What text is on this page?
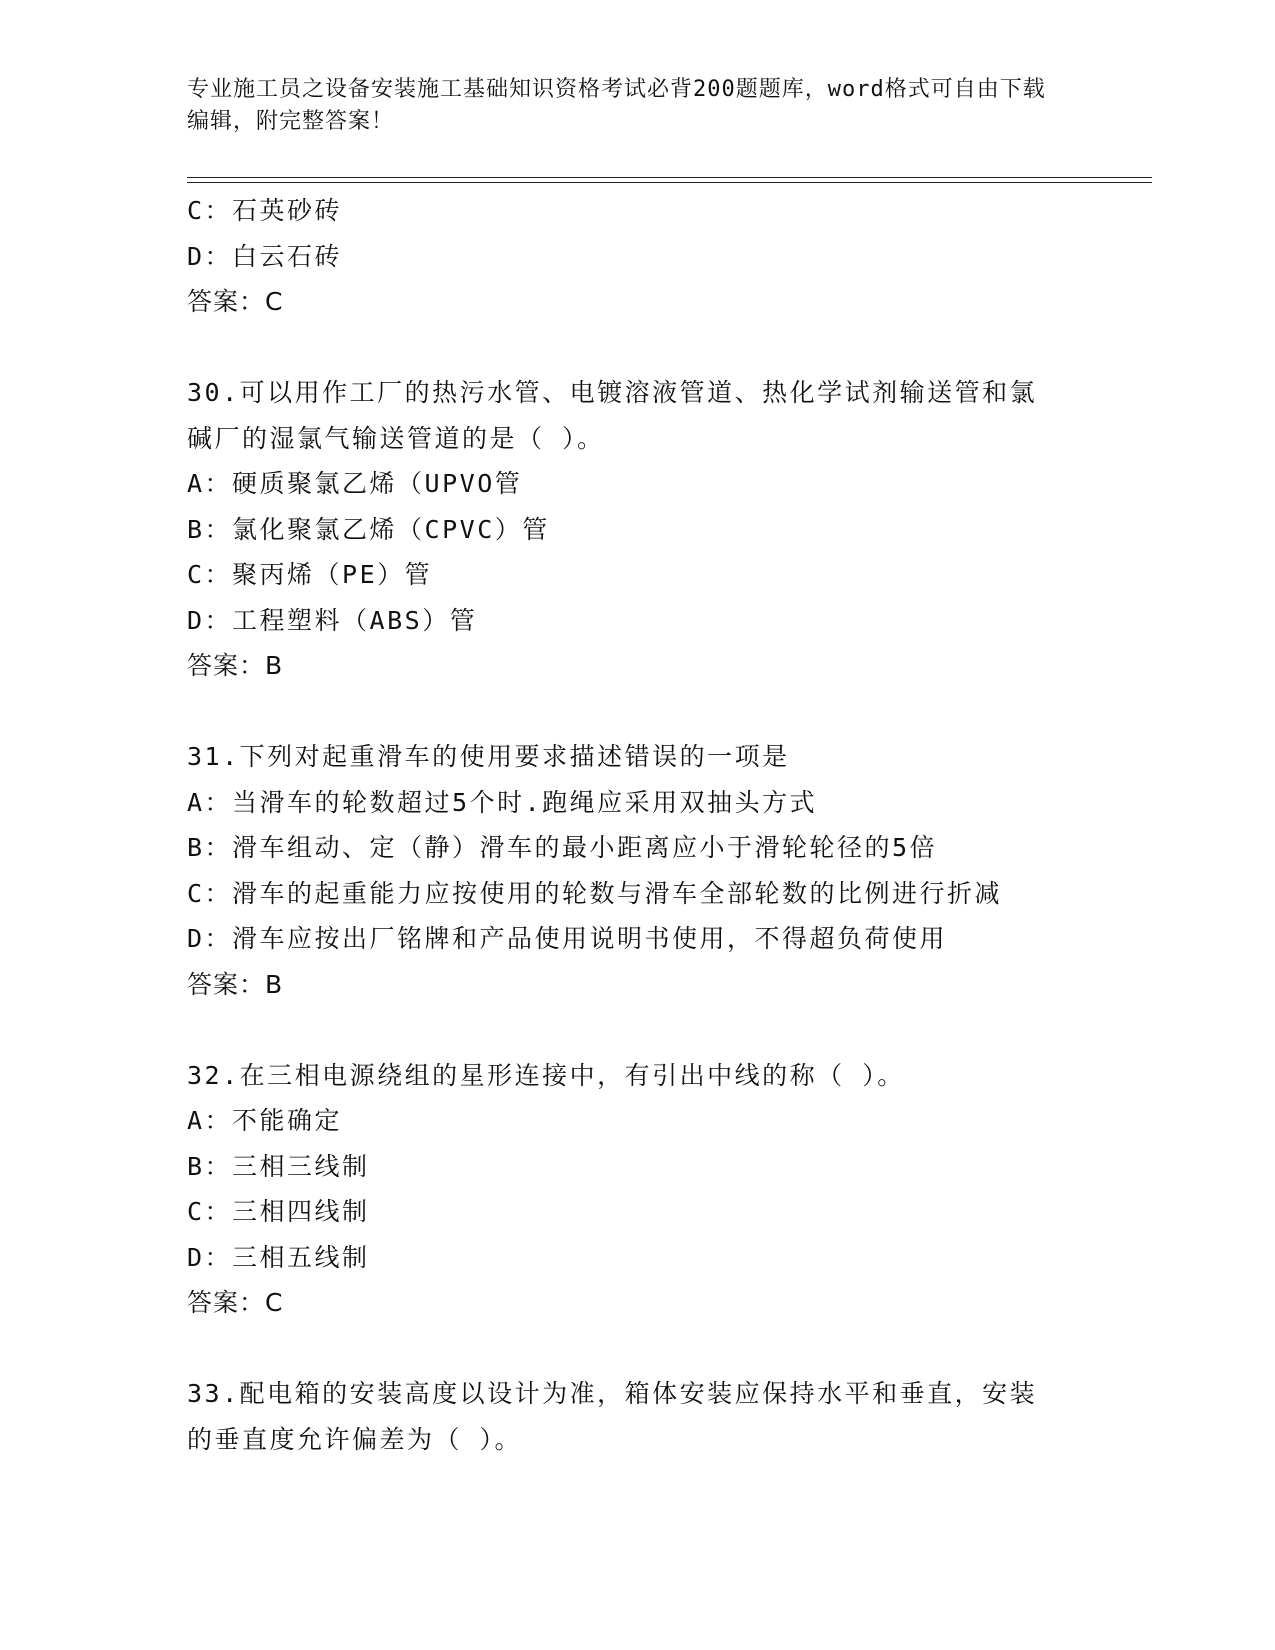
专业施工员之设备安装施工基础知识资格考试必背200题题库，word格式可自由下载编辑，附完整答案！
C：石英砂砖
D：白云石砖
答案：C
30.可以用作工厂的热污水管、电镀溶液管道、热化学试剂输送管和氯
碱厂的湿氯气输送管道的是（ ）。
A：硬质聚氯乙烯（UPVO管
B：氯化聚氯乙烯（CPVC）管
C：聚丙烯（PE）管
D：工程塑料（ABS）管
答案：B
31.下列对起重滑车的使用要求描述错误的一项是
A：当滑车的轮数超过5个时.跑绳应采用双抽头方式
B：滑车组动、定（静）滑车的最小距离应小于滑轮轮径的5倍
C：滑车的起重能力应按使用的轮数与滑车全部轮数的比例进行折减
D：滑车应按出厂铭牌和产品使用说明书使用，不得超负荷使用
答案：B
32.在三相电源绕组的星形连接中，有引出中线的称（ ）。
A：不能确定
B：三相三线制
C：三相四线制
D：三相五线制
答案：C
33.配电箱的安装高度以设计为准，箱体安装应保持水平和垂直，安装
的垂直度允许偏差为（ ）。
